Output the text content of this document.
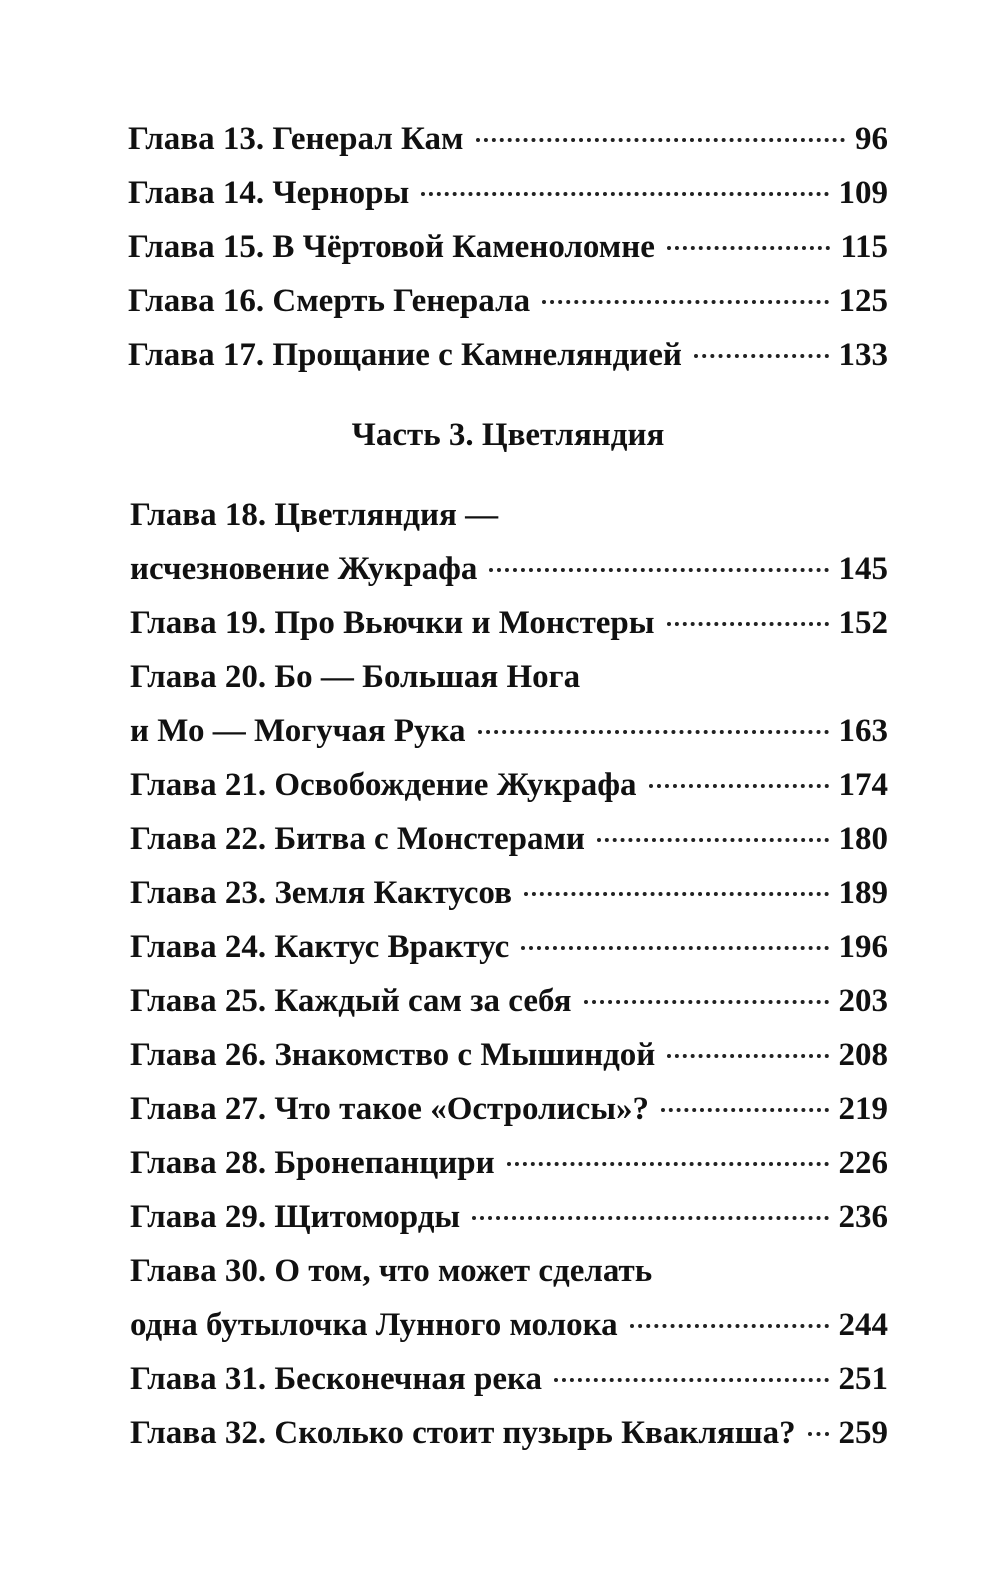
Глава 13. Генерал Кам	96
Глава 14. Черноры	109
Глава 15. В Чёртовой Каменоломне	115
Глава 16. Смерть Генерала	125
Глава 17. Прощание с Камнеляндией	133
Часть 3. Цветляндия
Глава 18. Цветляндия —
исчезновение Жукрафа	145
Глава 19. Про Вьючки и Монстеры	152
Глава 20. Бо — Большая Нога
и Мо — Могучая Рука	163
Глава 21. Освобождение Жукрафа	174
Глава 22. Битва с Монстерами	180
Глава 23. Земля Кактусов	189
Глава 24. Кактус Врактус	196
Глава 25. Каждый сам за себя	203
Глава 26. Знакомство с Мышиндой	208
Глава 27. Что такое «Остролисы»?	219
Глава 28. Бронепанцири	226
Глава 29. Щитоморды	236
Глава 30. О том, что может сделать
одна бутылочка Лунного молока	244
Глава 31. Бесконечная река	251
Глава 32. Сколько стоит пузырь Квакляша? 259
